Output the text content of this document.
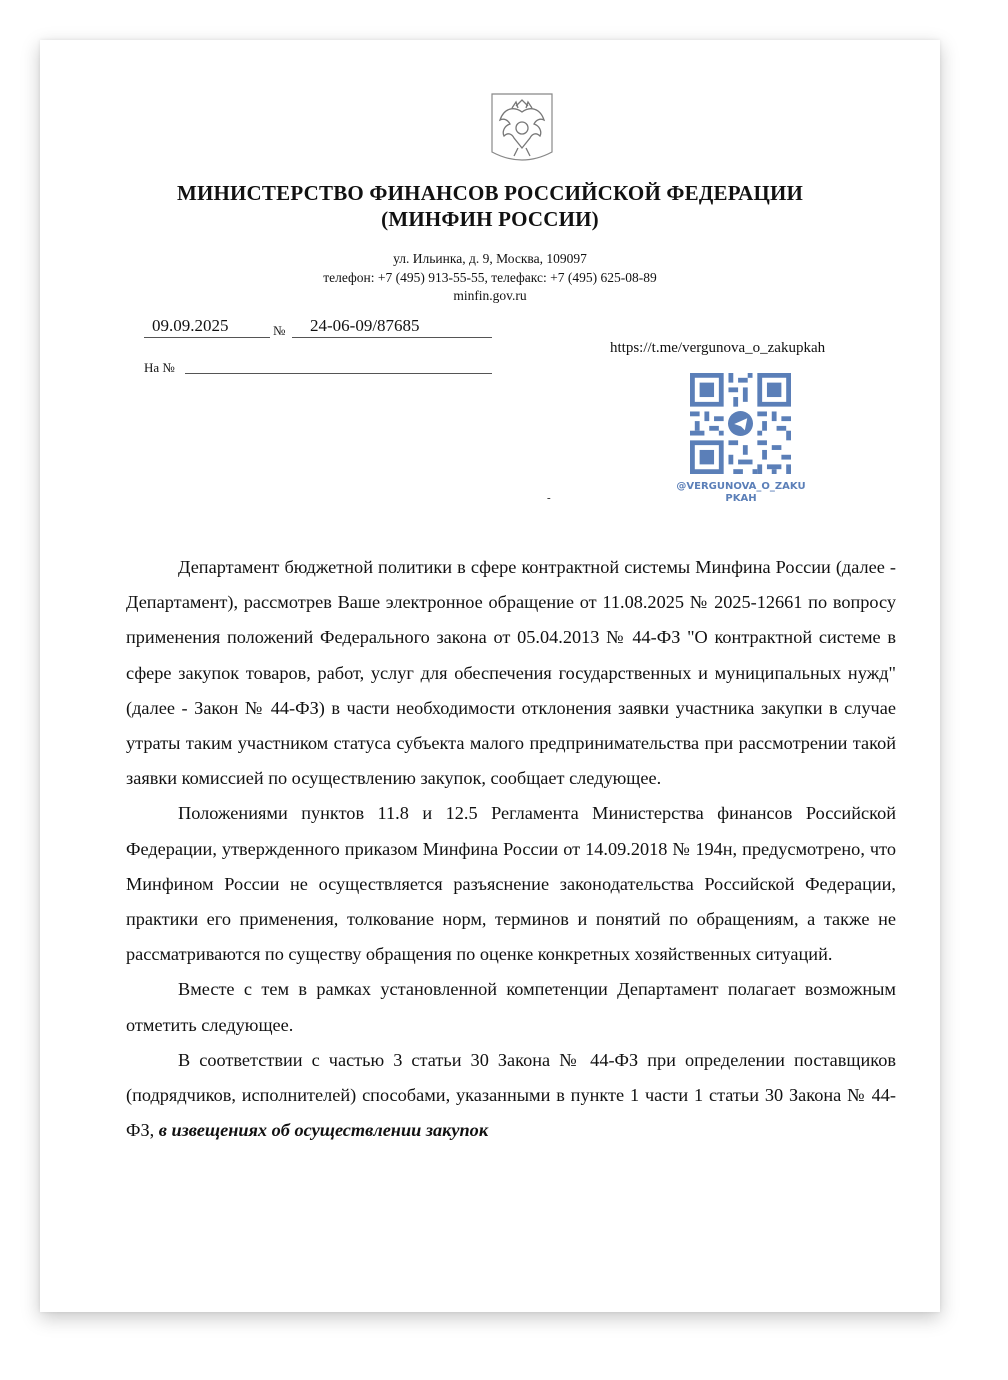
МИНИСТЕРСТВО ФИНАНСОВ РОССИЙСКОЙ ФЕДЕРАЦИИ
(МИНФИН РОССИИ)
ул. Ильинка, д. 9, Москва, 109097
телефон: +7 (495) 913-55-55, телефакс: +7 (495) 625-08-89
minfin.gov.ru
09.09.2025	№ 24-06-09/87685
На №
https://t.me/vergunova_o_zakupkah
@VERGUNOVA_O_ZAKU
PKAH
-

Департамент бюджетной политики в сфере контрактной системы Минфина России (далее - Департамент), рассмотрев Ваше электронное обращение от 11.08.2025 № 2025-12661 по вопросу применения положений Федерального закона от 05.04.2013 № 44-ФЗ "О контрактной системе в сфере закупок товаров, работ, услуг для обеспечения государственных и муниципальных нужд" (далее - Закон № 44-ФЗ) в части необходимости отклонения заявки участника закупки в случае утраты таким участником статуса субъекта малого предпринимательства при рассмотрении такой заявки комиссией по осуществлению закупок, сообщает следующее.

Положениями пунктов 11.8 и 12.5 Регламента Министерства финансов Российской Федерации, утвержденного приказом Минфина России от 14.09.2018 № 194н, предусмотрено, что Минфином России не осуществляется разъяснение законодательства Российской Федерации, практики его применения, толкование норм, терминов и понятий по обращениям, а также не рассматриваются по существу обращения по оценке конкретных хозяйственных ситуаций.

Вместе с тем в рамках установленной компетенции Департамент полагает возможным отметить следующее.

В соответствии с частью 3 статьи 30 Закона № 44-ФЗ при определении поставщиков (подрядчиков, исполнителей) способами, указанными в пункте 1 части 1 статьи 30 Закона № 44-ФЗ, в извещениях об осуществлении закупок
